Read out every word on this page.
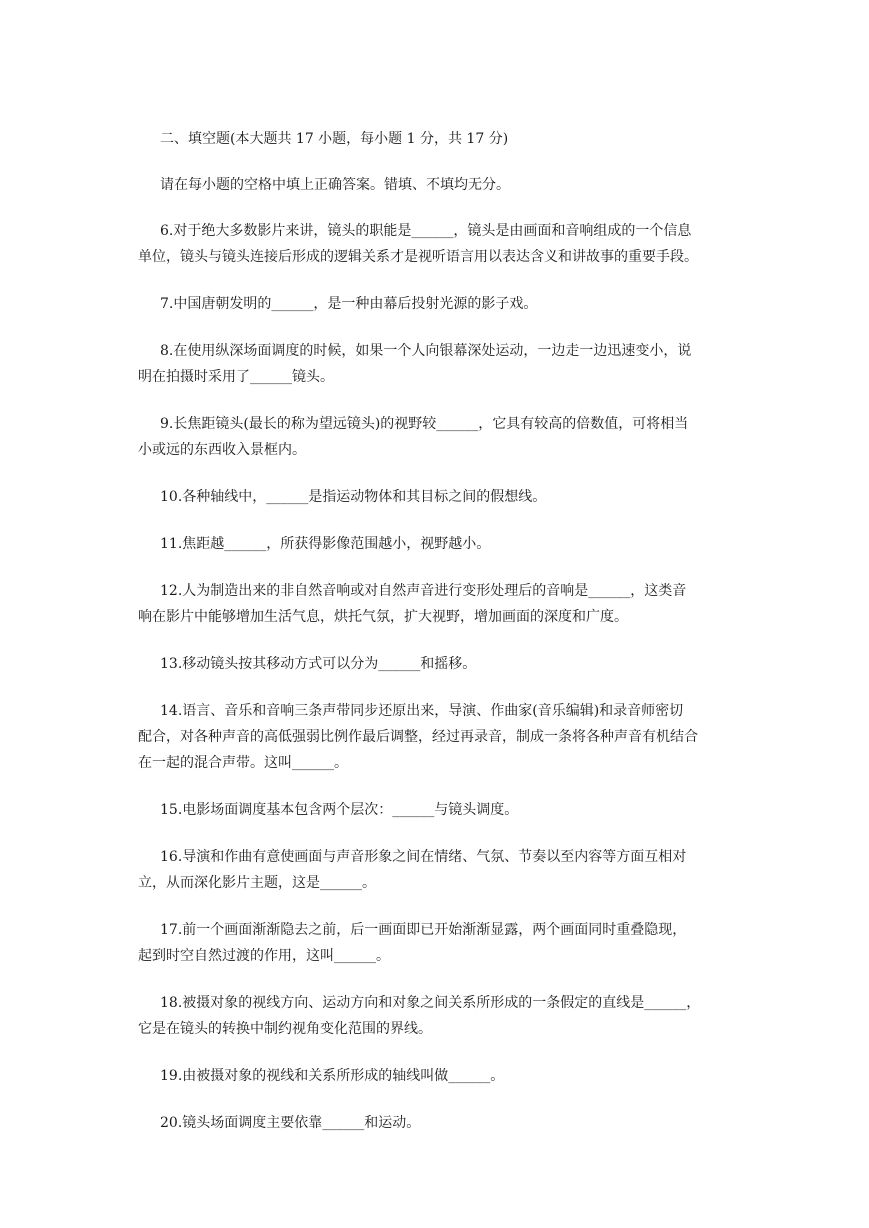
二、填空题(本大题共 17 小题，每小题 1 分，共 17 分)
请在每小题的空格中填上正确答案。错填、不填均无分。
6.对于绝大多数影片来讲，镜头的职能是______，镜头是由画面和音响组成的一个信息
单位，镜头与镜头连接后形成的逻辑关系才是视听语言用以表达含义和讲故事的重要手段。
7.中国唐朝发明的______，是一种由幕后投射光源的影子戏。
8.在使用纵深场面调度的时候，如果一个人向银幕深处运动，一边走一边迅速变小，说
明在拍摄时采用了______镜头。
9.长焦距镜头(最长的称为望远镜头)的视野较______，它具有较高的倍数值，可将相当
小或远的东西收入景框内。
10.各种轴线中，______是指运动物体和其目标之间的假想线。
11.焦距越______，所获得影像范围越小，视野越小。
12.人为制造出来的非自然音响或对自然声音进行变形处理后的音响是______，这类音
响在影片中能够增加生活气息，烘托气氛，扩大视野，增加画面的深度和广度。
13.移动镜头按其移动方式可以分为______和摇移。
14.语言、音乐和音响三条声带同步还原出来，导演、作曲家(音乐编辑)和录音师密切
配合，对各种声音的高低强弱比例作最后调整，经过再录音，制成一条将各种声音有机结合
在一起的混合声带。这叫______。
15.电影场面调度基本包含两个层次：______与镜头调度。
16.导演和作曲有意使画面与声音形象之间在情绪、气氛、节奏以至内容等方面互相对
立，从而深化影片主题，这是______。
17.前一个画面渐渐隐去之前，后一画面即已开始渐渐显露，两个画面同时重叠隐现，
起到时空自然过渡的作用，这叫______。
18.被摄对象的视线方向、运动方向和对象之间关系所形成的一条假定的直线是______，
它是在镜头的转换中制约视角变化范围的界线。
19.由被摄对象的视线和关系所形成的轴线叫做______。
20.镜头场面调度主要依靠______和运动。
